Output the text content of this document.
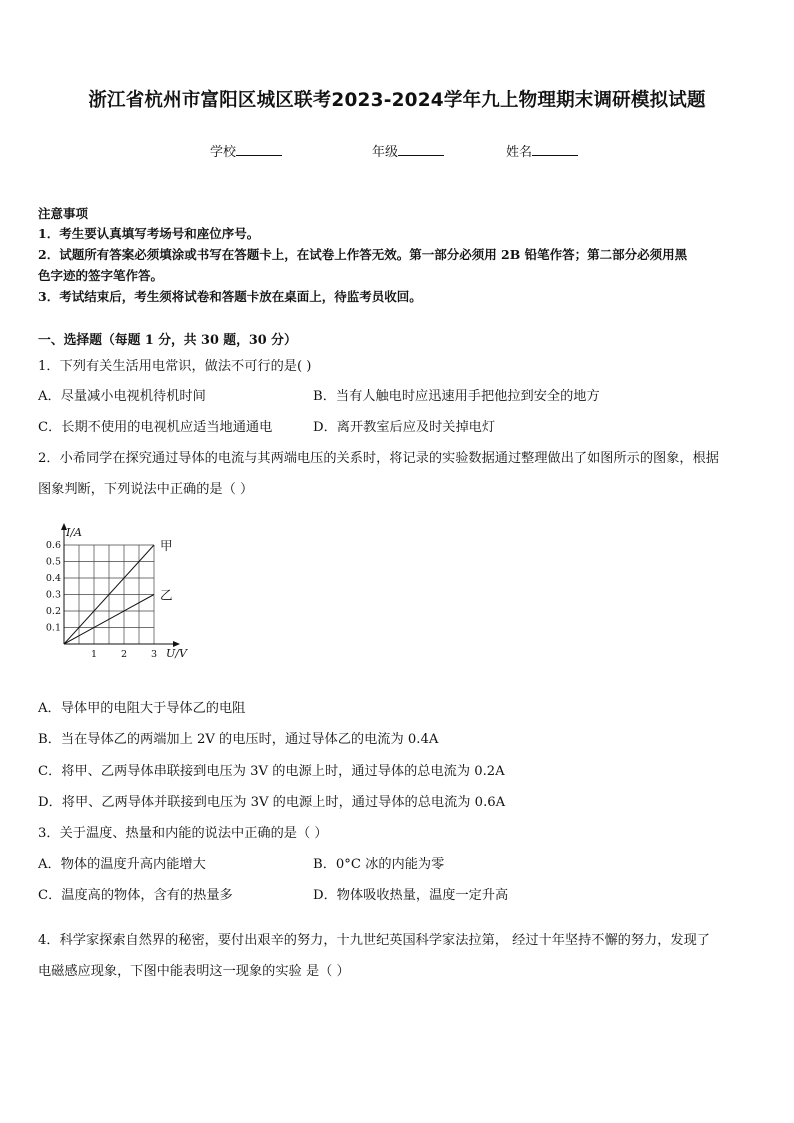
浙江省杭州市富阳区城区联考2023-2024学年九上物理期末调研模拟试题
学校	年级	姓名
注意事项
1．考生要认真填写考场号和座位序号。
2．试题所有答案必须填涂或书写在答题卡上，在试卷上作答无效。第一部分必须用 2B 铅笔作答；第二部分必须用黑
色字迹的签字笔作答。
3．考试结束后，考生须将试卷和答题卡放在桌面上，待监考员收回。
一、选择题（每题 1 分，共 30 题，30 分）
1．下列有关生活用电常识，做法不可行的是( )
A．尽量减小电视机待机时间	B．当有人触电时应迅速用手把他拉到安全的地方
C．长期不使用的电视机应适当地通通电	D．离开教室后应及时关掉电灯
2．小希同学在探究通过导体的电流与其两端电压的关系时，将记录的实验数据通过整理做出了如图所示的图象，根据
图象判断，下列说法中正确的是（ ）
0.1
0.2
0.3
0.4
0.5
0.6
1	2	3
I/A
U/V
甲
乙
A．导体甲的电阻大于导体乙的电阻
B．当在导体乙的两端加上 2V 的电压时，通过导体乙的电流为 0.4A
C．将甲、乙两导体串联接到电压为 3V 的电源上时，通过导体的总电流为 0.2A
D．将甲、乙两导体并联接到电压为 3V 的电源上时，通过导体的总电流为 0.6A
3．关于温度、热量和内能的说法中正确的是（ ）
A．物体的温度升高内能增大	B．0°C 冰的内能为零
C．温度高的物体，含有的热量多	D．物体吸收热量，温度一定升高
4．科学家探索自然界的秘密，要付出艰辛的努力，十九世纪英国科学家法拉第， 经过十年坚持不懈的努力，发现了
电磁感应现象，下图中能表明这一现象的实验 是（ ）
